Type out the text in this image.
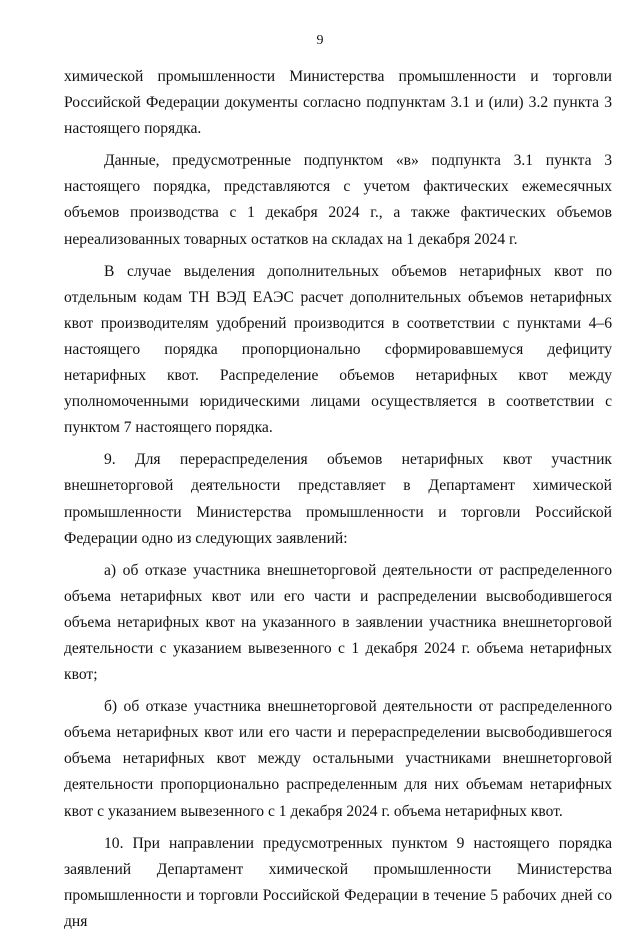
9

химической промышленности Министерства промышленности и торговли Российской Федерации документы согласно подпунктам 3.1 и (или) 3.2 пункта 3 настоящего порядка.

Данные, предусмотренные подпунктом «в» подпункта 3.1 пункта 3 настоящего порядка, представляются с учетом фактических ежемесячных объемов производства с 1 декабря 2024 г., а также фактических объемов нереализованных товарных остатков на складах на 1 декабря 2024 г.

В случае выделения дополнительных объемов нетарифных квот по отдельным кодам ТН ВЭД ЕАЭС расчет дополнительных объемов нетарифных квот производителям удобрений производится в соответствии с пунктами 4–6 настоящего порядка пропорционально сформировавшемуся дефициту нетарифных квот. Распределение объемов нетарифных квот между уполномоченными юридическими лицами осуществляется в соответствии с пунктом 7 настоящего порядка.

9. Для перераспределения объемов нетарифных квот участник внешнеторговой деятельности представляет в Департамент химической промышленности Министерства промышленности и торговли Российской Федерации одно из следующих заявлений:

а) об отказе участника внешнеторговой деятельности от распределенного объема нетарифных квот или его части и распределении высвободившегося объема нетарифных квот на указанного в заявлении участника внешнеторговой деятельности с указанием вывезенного с 1 декабря 2024 г. объема нетарифных квот;

б) об отказе участника внешнеторговой деятельности от распределенного объема нетарифных квот или его части и перераспределении высвободившегося объема нетарифных квот между остальными участниками внешнеторговой деятельности пропорционально распределенным для них объемам нетарифных квот с указанием вывезенного с 1 декабря 2024 г. объема нетарифных квот.

10. При направлении предусмотренных пунктом 9 настоящего порядка заявлений Департамент химической промышленности Министерства промышленности и торговли Российской Федерации в течение 5 рабочих дней со дня
